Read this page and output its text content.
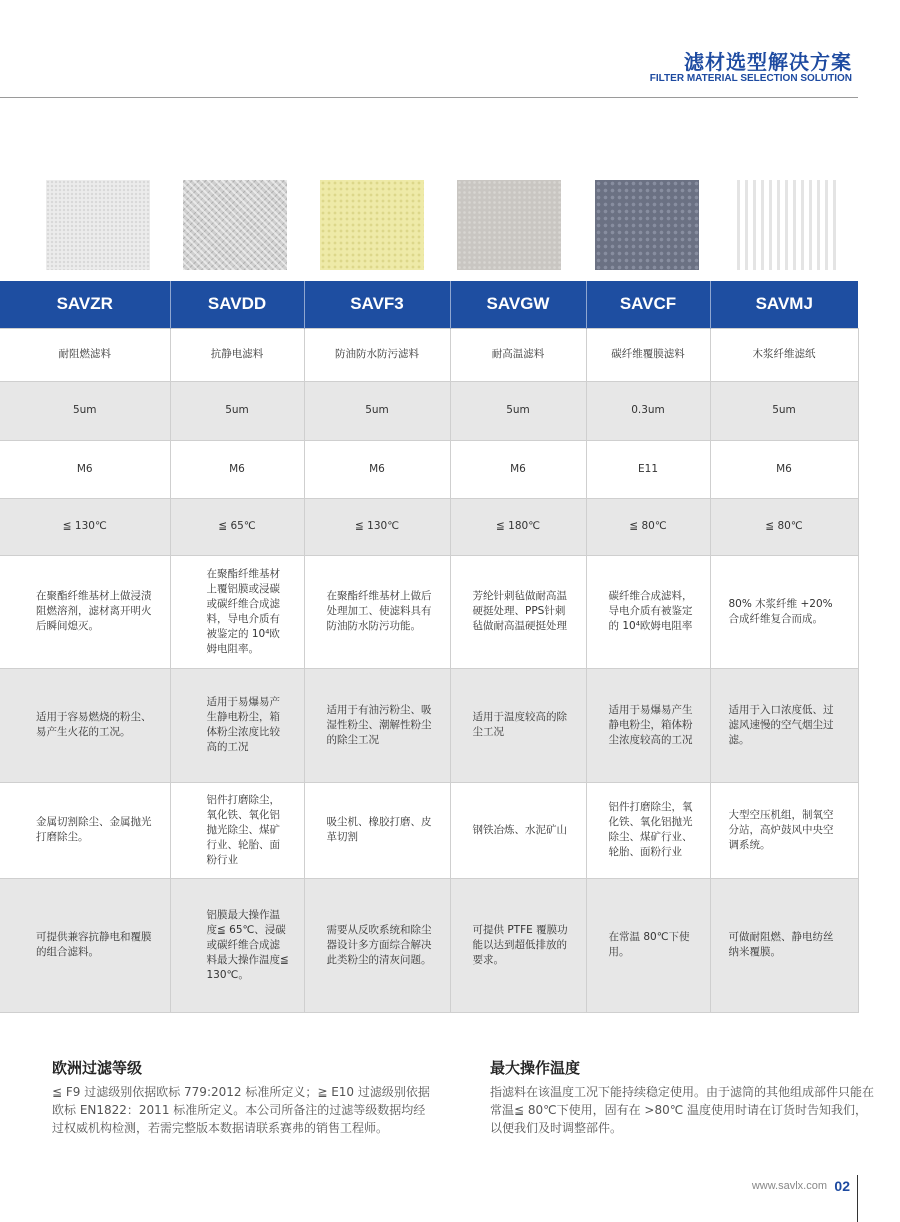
滤材选型解决方案
FILTER MATERIAL SELECTION SOLUTION
SAVZR	SAVDD	SAVF3	SAVGW	SAVCF	SAVMJ
耐阻燃滤料	抗静电滤料	防油防水防污滤料	耐高温滤料	碳纤维覆膜滤料	木浆纤维滤纸
5um	5um	5um	5um	0.3um	5um
M6	M6	M6	M6	E11	M6
≦ 130℃	≦ 65℃	≦ 130℃	≦ 180℃	≦ 80℃	≦ 80℃
在聚酯纤维基材上做浸渍阻燃溶剂，滤材离开明火后瞬间熄灭。	在聚酯纤维基材上覆铝膜或浸碳或碳纤维合成滤料，导电介质有被鉴定的 10⁴欧姆电阻率。	在聚酯纤维基材上做后处理加工、使滤料具有防油防水防污功能。	芳纶针刺毡做耐高温硬挺处理、PPS针刺毡做耐高温硬挺处理	碳纤维合成滤料，导电介质有被鉴定的 10⁴欧姆电阻率	80% 木浆纤维 +20% 合成纤维复合而成。
适用于容易燃烧的粉尘、易产生火花的工况。	适用于易爆易产生静电粉尘，箱体粉尘浓度比较高的工况	适用于有油污粉尘、吸湿性粉尘、潮解性粉尘的除尘工况	适用于温度较高的除尘工况	适用于易爆易产生静电粉尘，箱体粉尘浓度较高的工况	适用于入口浓度低、过滤风速慢的空气烟尘过滤。
金属切割除尘、金属抛光打磨除尘。	铝件打磨除尘，氧化铁、氧化铝抛光除尘、煤矿行业、轮胎、面粉行业	吸尘机、橡胶打磨、皮革切割	钢铁冶炼、水泥矿山	铝件打磨除尘，氧化铁、氧化铝抛光除尘、煤矿行业、轮胎、面粉行业	大型空压机组，制氧空分站，高炉鼓风中央空调系统。
可提供兼容抗静电和覆膜的组合滤料。	铝膜最大操作温度≦ 65℃、浸碳或碳纤维合成滤料最大操作温度≦ 130℃。	需要从反吹系统和除尘器设计多方面综合解决此类粉尘的清灰问题。	可提供 PTFE 覆膜功能以达到超低排放的要求。	在常温 80℃下使用。	可做耐阻燃、静电纺丝纳米覆膜。
欧洲过滤等级
≦ F9 过滤级别依据欧标 779:2012 标准所定义；≧ E10 过滤级别依据欧标 EN1822：2011 标准所定义。本公司所备注的过滤等级数据均经过权威机构检测，若需完整版本数据请联系赛弗的销售工程师。
最大操作温度
指滤料在该温度工况下能持续稳定使用。由于滤筒的其他组成部件只能在常温≦ 80℃下使用，固有在 >80℃ 温度使用时请在订货时告知我们，以便我们及时调整部件。
www.savlx.com 02
